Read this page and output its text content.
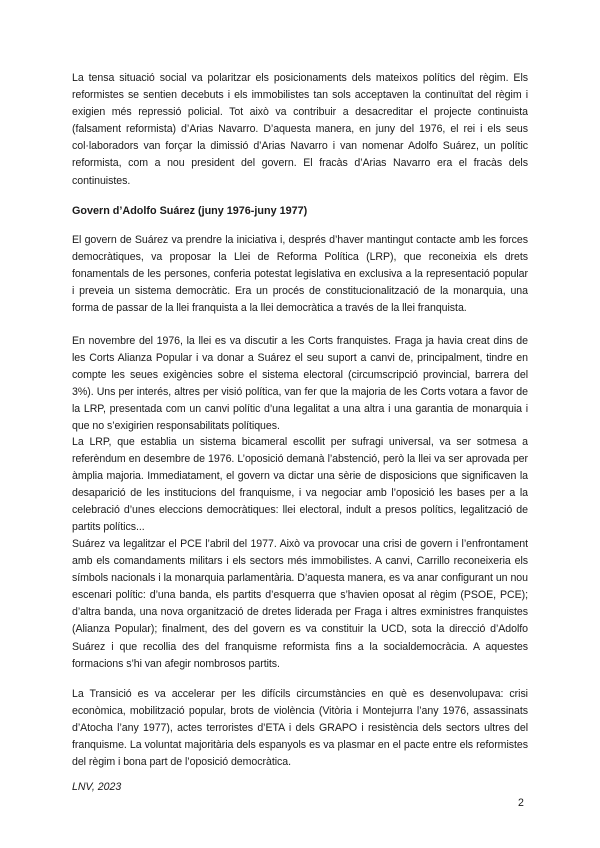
La tensa situació social va polaritzar els posicionaments dels mateixos polítics del règim. Els reformistes se sentien decebuts i els immobilistes tan sols acceptaven la continuïtat del règim i exigien més repressió policial. Tot això va contribuir a desacreditar el projecte continuista (falsament reformista) d’Arias Navarro. D’aquesta manera, en juny del 1976, el rei i els seus col·laboradors van forçar la dimissió d’Arias Navarro i van nomenar Adolfo Suárez, un polític reformista, com a nou president del govern. El fracàs d’Arias Navarro era el fracàs dels continuistes.

Govern d’Adolfo Suárez (juny 1976-juny 1977)

El govern de Suárez va prendre la iniciativa i, després d’haver mantingut contacte amb les forces democràtiques, va proposar la Llei de Reforma Política (LRP), que reconeixia els drets fonamentals de les persones, conferia potestat legislativa en exclusiva a la representació popular i preveia un sistema democràtic. Era un procés de constitucionalització de la monarquia, una forma de passar de la llei franquista a la llei democràtica a través de la llei franquista.

En novembre del 1976, la llei es va discutir a les Corts franquistes. Fraga ja havia creat dins de les Corts Alianza Popular i va donar a Suárez el seu suport a canvi de, principalment, tindre en compte les seues exigències sobre el sistema electoral (circumscripció provincial, barrera del 3%). Uns per interés, altres per visió política, van fer que la majoria de les Corts votara a favor de la LRP, presentada com un canvi polític d’una legalitat a una altra i una garantia de monarquia i que no s’exigirien responsabilitats polítiques.

La LRP, que establia un sistema bicameral escollit per sufragi universal, va ser sotmesa a referèndum en desembre de 1976. L’oposició demanà l’abstenció, però la llei va ser aprovada per àmplia majoria. Immediatament, el govern va dictar una sèrie de disposicions que significaven la desaparició de les institucions del franquisme, i va negociar amb l’oposició les bases per a la celebració d’unes eleccions democràtiques: llei electoral, indult a presos polítics, legalització de partits polítics...

Suárez va legalitzar el PCE l’abril del 1977. Això va provocar una crisi de govern i l’enfrontament amb els comandaments militars i els sectors més immobilistes. A canvi, Carrillo reconeixeria els símbols nacionals i la monarquia parlamentària. D’aquesta manera, es va anar configurant un nou escenari polític: d’una banda, els partits d’esquerra que s’havien oposat al règim (PSOE, PCE); d’altra banda, una nova organització de dretes liderada per Fraga i altres exministres franquistes (Alianza Popular); finalment, des del govern es va constituir la UCD, sota la direcció d’Adolfo Suárez i que recollia des del franquisme reformista fins a la socialdemocràcia. A aquestes formacions s’hi van afegir nombrosos partits.

La Transició es va accelerar per les difícils circumstàncies en què es desenvolupava: crisi econòmica, mobilització popular, brots de violència (Vitòria i Montejurra l’any 1976, assassinats d’Atocha l’any 1977), actes terroristes d’ETA i dels GRAPO i resistència dels sectors ultres del franquisme. La voluntat majoritària dels espanyols es va plasmar en el pacte entre els reformistes del règim i bona part de l’oposició democràtica.

LNV, 2023

2
